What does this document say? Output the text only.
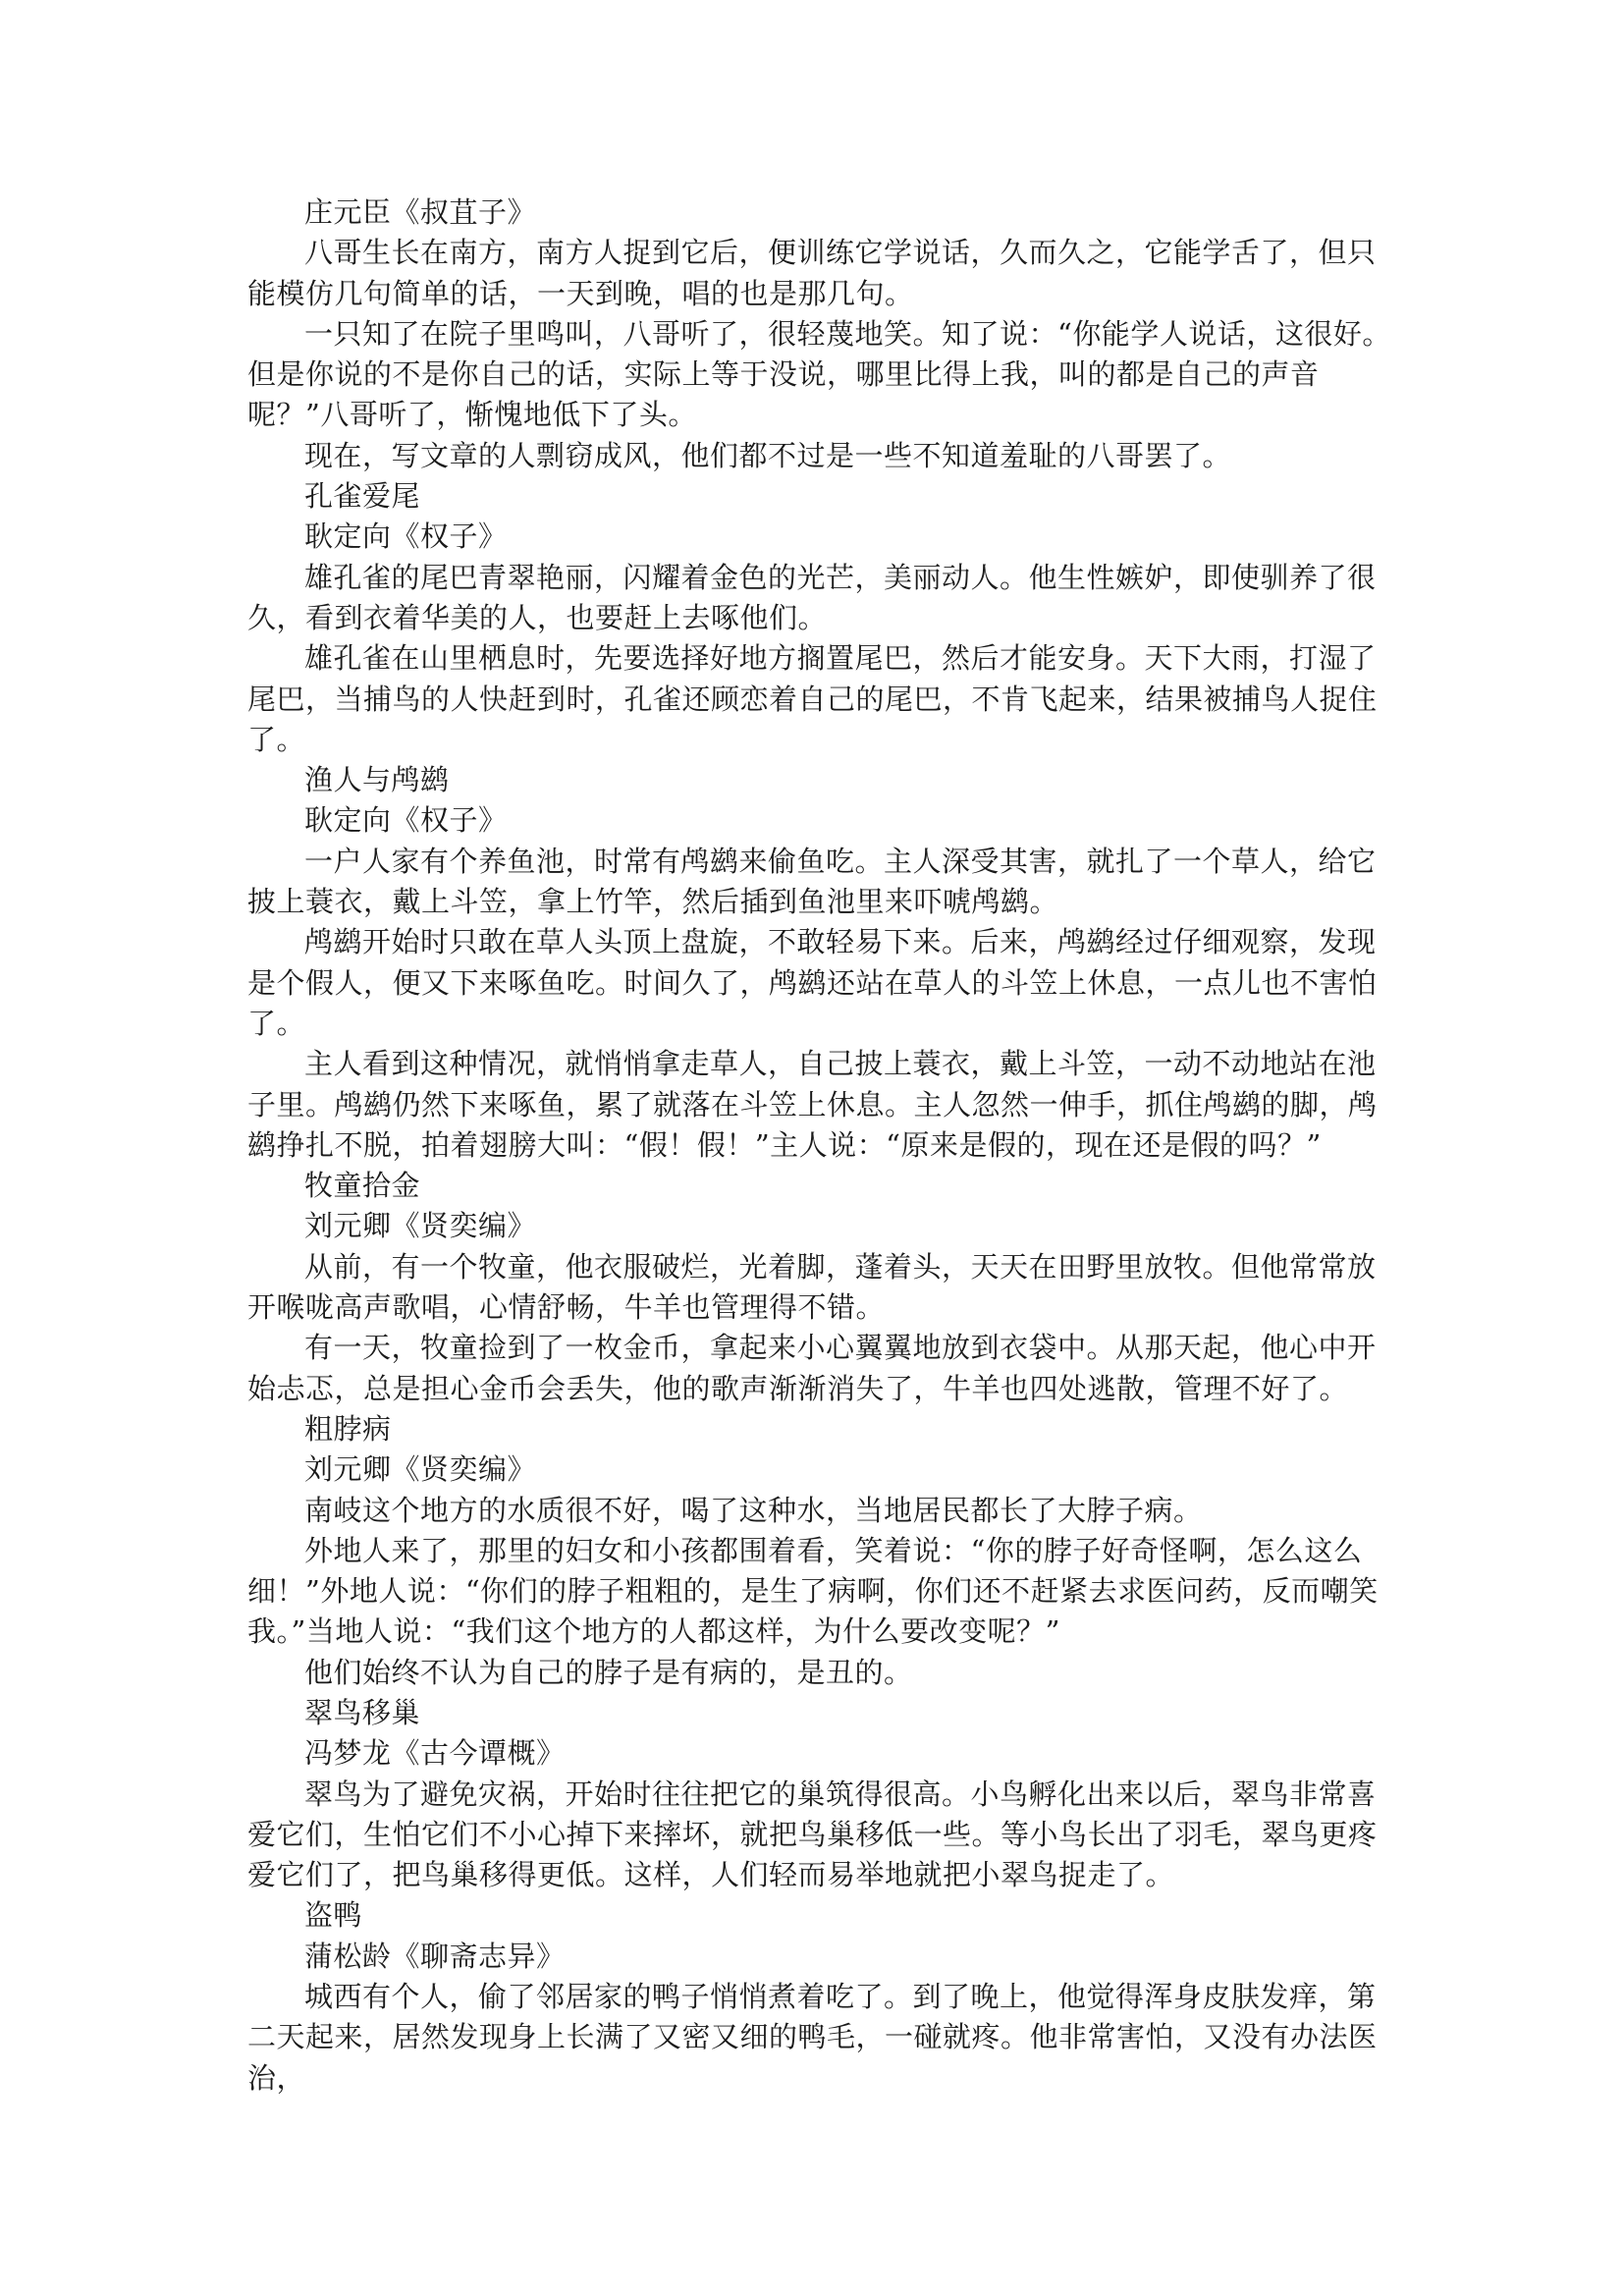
庄元臣《叔苴子》

八哥生长在南方，南方人捉到它后，便训练它学说话，久而久之，它能学舌了，但只能模仿几句简单的话，一天到晚，唱的也是那几句。

一只知了在院子里鸣叫，八哥听了，很轻蔑地笑。知了说：“你能学人说话，这很好。但是你说的不是你自己的话，实际上等于没说，哪里比得上我，叫的都是自己的声音呢？”八哥听了，惭愧地低下了头。

现在，写文章的人剽窃成风，他们都不过是一些不知道羞耻的八哥罢了。

孔雀爱尾

耿定向《权子》

雄孔雀的尾巴青翠艳丽，闪耀着金色的光芒，美丽动人。他生性嫉妒，即使驯养了很久，看到衣着华美的人，也要赶上去啄他们。

雄孔雀在山里栖息时，先要选择好地方搁置尾巴，然后才能安身。天下大雨，打湿了尾巴，当捕鸟的人快赶到时，孔雀还顾恋着自己的尾巴，不肯飞起来，结果被捕鸟人捉住了。

渔人与鸬鹚

耿定向《权子》

一户人家有个养鱼池，时常有鸬鹚来偷鱼吃。主人深受其害，就扎了一个草人，给它披上蓑衣，戴上斗笠，拿上竹竿，然后插到鱼池里来吓唬鸬鹚。

鸬鹚开始时只敢在草人头顶上盘旋，不敢轻易下来。后来，鸬鹚经过仔细观察，发现是个假人，便又下来啄鱼吃。时间久了，鸬鹚还站在草人的斗笠上休息，一点儿也不害怕了。

主人看到这种情况，就悄悄拿走草人，自己披上蓑衣，戴上斗笠，一动不动地站在池子里。鸬鹚仍然下来啄鱼，累了就落在斗笠上休息。主人忽然一伸手，抓住鸬鹚的脚，鸬鹚挣扎不脱，拍着翅膀大叫：“假！假！”主人说：“原来是假的，现在还是假的吗？”

牧童拾金

刘元卿《贤奕编》

从前，有一个牧童，他衣服破烂，光着脚，蓬着头，天天在田野里放牧。但他常常放开喉咙高声歌唱，心情舒畅，牛羊也管理得不错。

有一天，牧童捡到了一枚金币，拿起来小心翼翼地放到衣袋中。从那天起，他心中开始忐忑，总是担心金币会丢失，他的歌声渐渐消失了，牛羊也四处逃散，管理不好了。

粗脖病

刘元卿《贤奕编》

南岐这个地方的水质很不好，喝了这种水，当地居民都长了大脖子病。

外地人来了，那里的妇女和小孩都围着看，笑着说：“你的脖子好奇怪啊，怎么这么细！”外地人说：“你们的脖子粗粗的，是生了病啊，你们还不赶紧去求医问药，反而嘲笑我。”当地人说：“我们这个地方的人都这样，为什么要改变呢？”

他们始终不认为自己的脖子是有病的，是丑的。

翠鸟移巢

冯梦龙《古今谭概》

翠鸟为了避免灾祸，开始时往往把它的巢筑得很高。小鸟孵化出来以后，翠鸟非常喜爱它们，生怕它们不小心掉下来摔坏，就把鸟巢移低一些。等小鸟长出了羽毛，翠鸟更疼爱它们了，把鸟巢移得更低。这样，人们轻而易举地就把小翠鸟捉走了。

盗鸭

蒲松龄《聊斋志异》

城西有个人，偷了邻居家的鸭子悄悄煮着吃了。到了晚上，他觉得浑身皮肤发痒，第二天起来，居然发现身上长满了又密又细的鸭毛，一碰就疼。他非常害怕，又没有办法医治，
